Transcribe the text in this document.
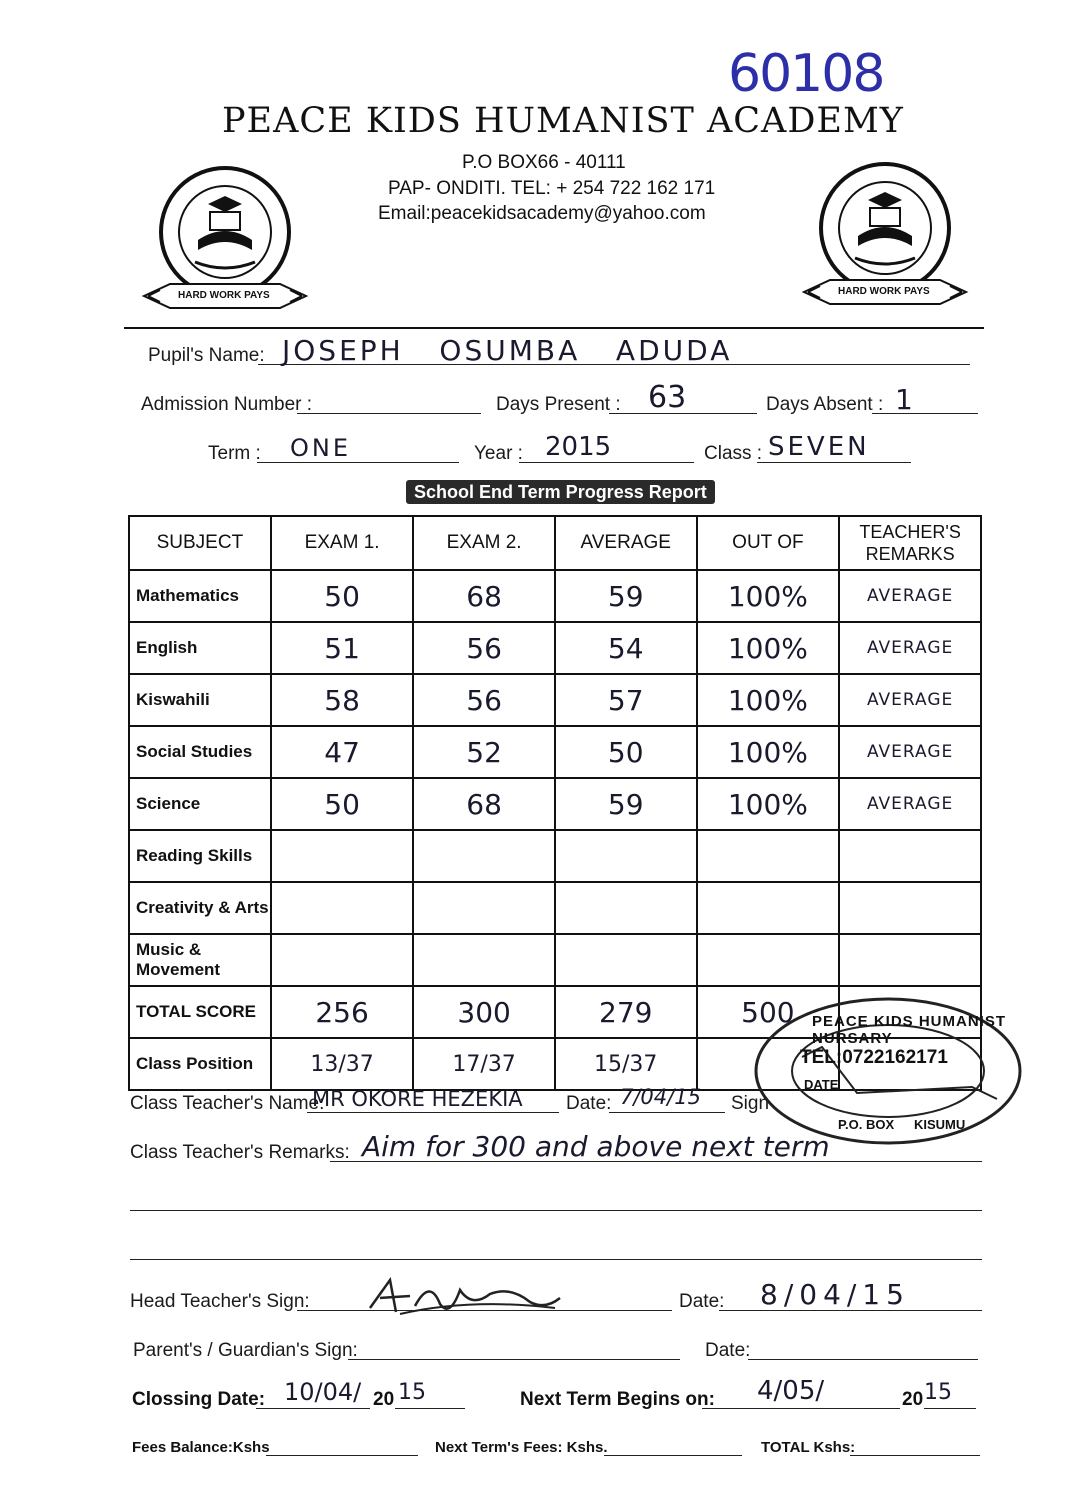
60108
PEACE KIDS HUMANIST ACADEMY
P.O BOX66 - 40111
PAP- ONDITI. TEL: + 254 722 162 171
Email:peacekidsacademy@yahoo.com
HARD WORK PAYS	HARD WORK PAYS
Pupil's Name: JOSEPH   OSUMBA   ADUDA
Admission Number :	Days Present : 63	Days Absent : 1
Term : ONE	Year : 2015	Class : SEVEN
School End Term Progress Report
SUBJECT	EXAM 1.	EXAM 2.	AVERAGE	OUT OF	TEACHER'S
REMARKS
Mathematics	50	68	59	100%	AVERAGE
English	51	56	54	100%	AVERAGE
Kiswahili	58	56	57	100%	AVERAGE
Social Studies	47	52	50	100%	AVERAGE
Science	50	68	59	100%	AVERAGE
Reading Skills					
Creativity & Arts					
Music & Movement					
TOTAL SCORE	256	300	279	500	
Class Position	13/37	17/37	15/37		
Class Teacher's Name:
MR OKORE HEZEKIA Date: 7/04/15 Sign
Class Teacher's Remarks: Aim for 300 and above next term
PEACE KIDS HUMANIST NURSARY
TEL:0722162171
DATE
P.O. BOX KISUMU
Head Teacher's Sign:	Date: 8/04/15
Parent's / Guardian's Sign:	Date:
Clossing Date: 10/04/ 20 15	Next Term Begins on: 4/05/	20 15
Fees Balance:Kshs	Next Term's Fees: Kshs.	TOTAL Kshs:
